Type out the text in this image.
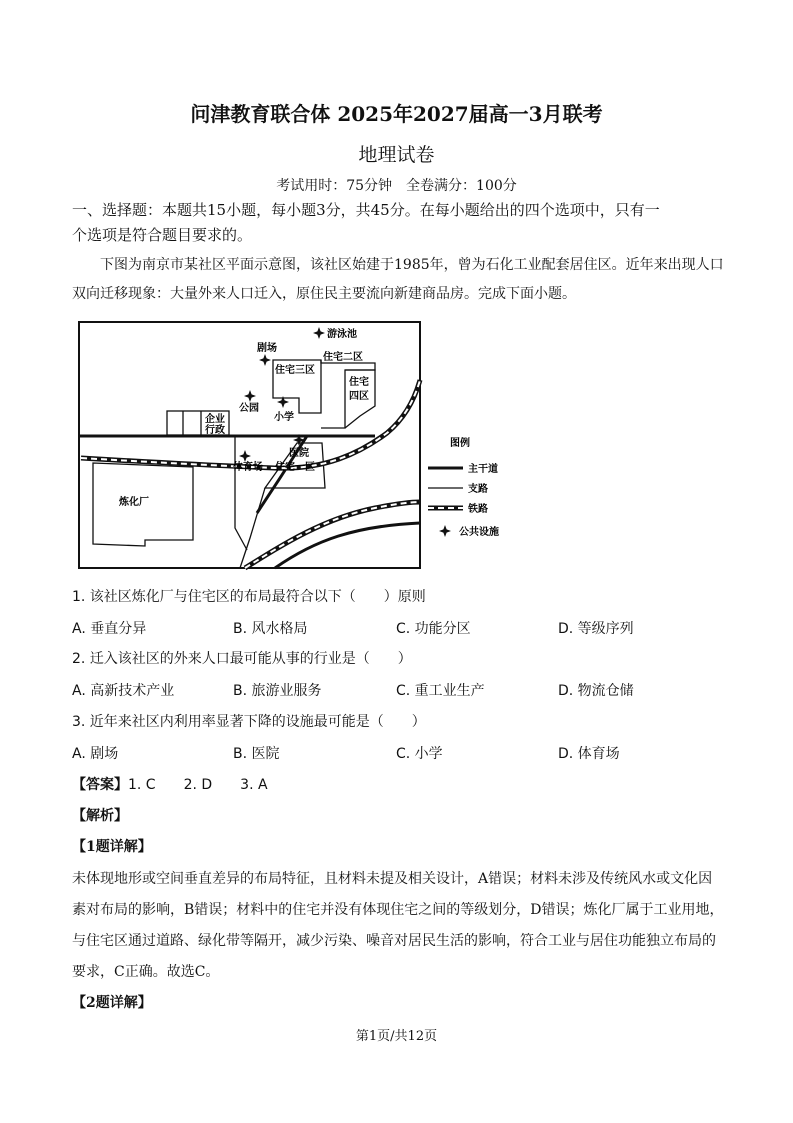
问津教育联合体 2025年2027届高一3月联考
地理试卷
考试用时：75分钟　全卷满分：100分
一、选择题：本题共15小题，每小题3分，共45分。在每小题给出的四个选项中，只有一
个选项是符合题目要求的。
下图为南京市某社区平面示意图，该社区始建于1985年，曾为石化工业配套居住区。近年来出现人口
双向迁移现象：大量外来人口迁入，原住民主要流向新建商品房。完成下面小题。
游泳池
剧场
住宅二区
住宅三区
住宅
四区
公园
小学
企业
行政
医院
体育场 住宅一区
炼化厂
图例
主干道
支路
铁路
公共设施
1. 该社区炼化厂与住宅区的布局最符合以下（　　）原则
A. 垂直分异	B. 风水格局	C. 功能分区	D. 等级序列
2. 迁入该社区的外来人口最可能从事的行业是（　　）
A. 高新技术产业	B. 旅游业服务	C. 重工业生产	D. 物流仓储
3. 近年来社区内利用率显著下降的设施最可能是（　　）
A. 剧场	B. 医院	C. 小学	D. 体育场
【答案】1. C　　2. D　　3. A
【解析】
【1题详解】
未体现地形或空间垂直差异的布局特征，且材料未提及相关设计，A错误；材料未涉及传统风水或文化因
素对布局的影响，B错误；材料中的住宅并没有体现住宅之间的等级划分，D错误；炼化厂属于工业用地，
与住宅区通过道路、绿化带等隔开，减少污染、噪音对居民生活的影响，符合工业与居住功能独立布局的
要求，C正确。故选C。
【2题详解】
第1页/共12页
